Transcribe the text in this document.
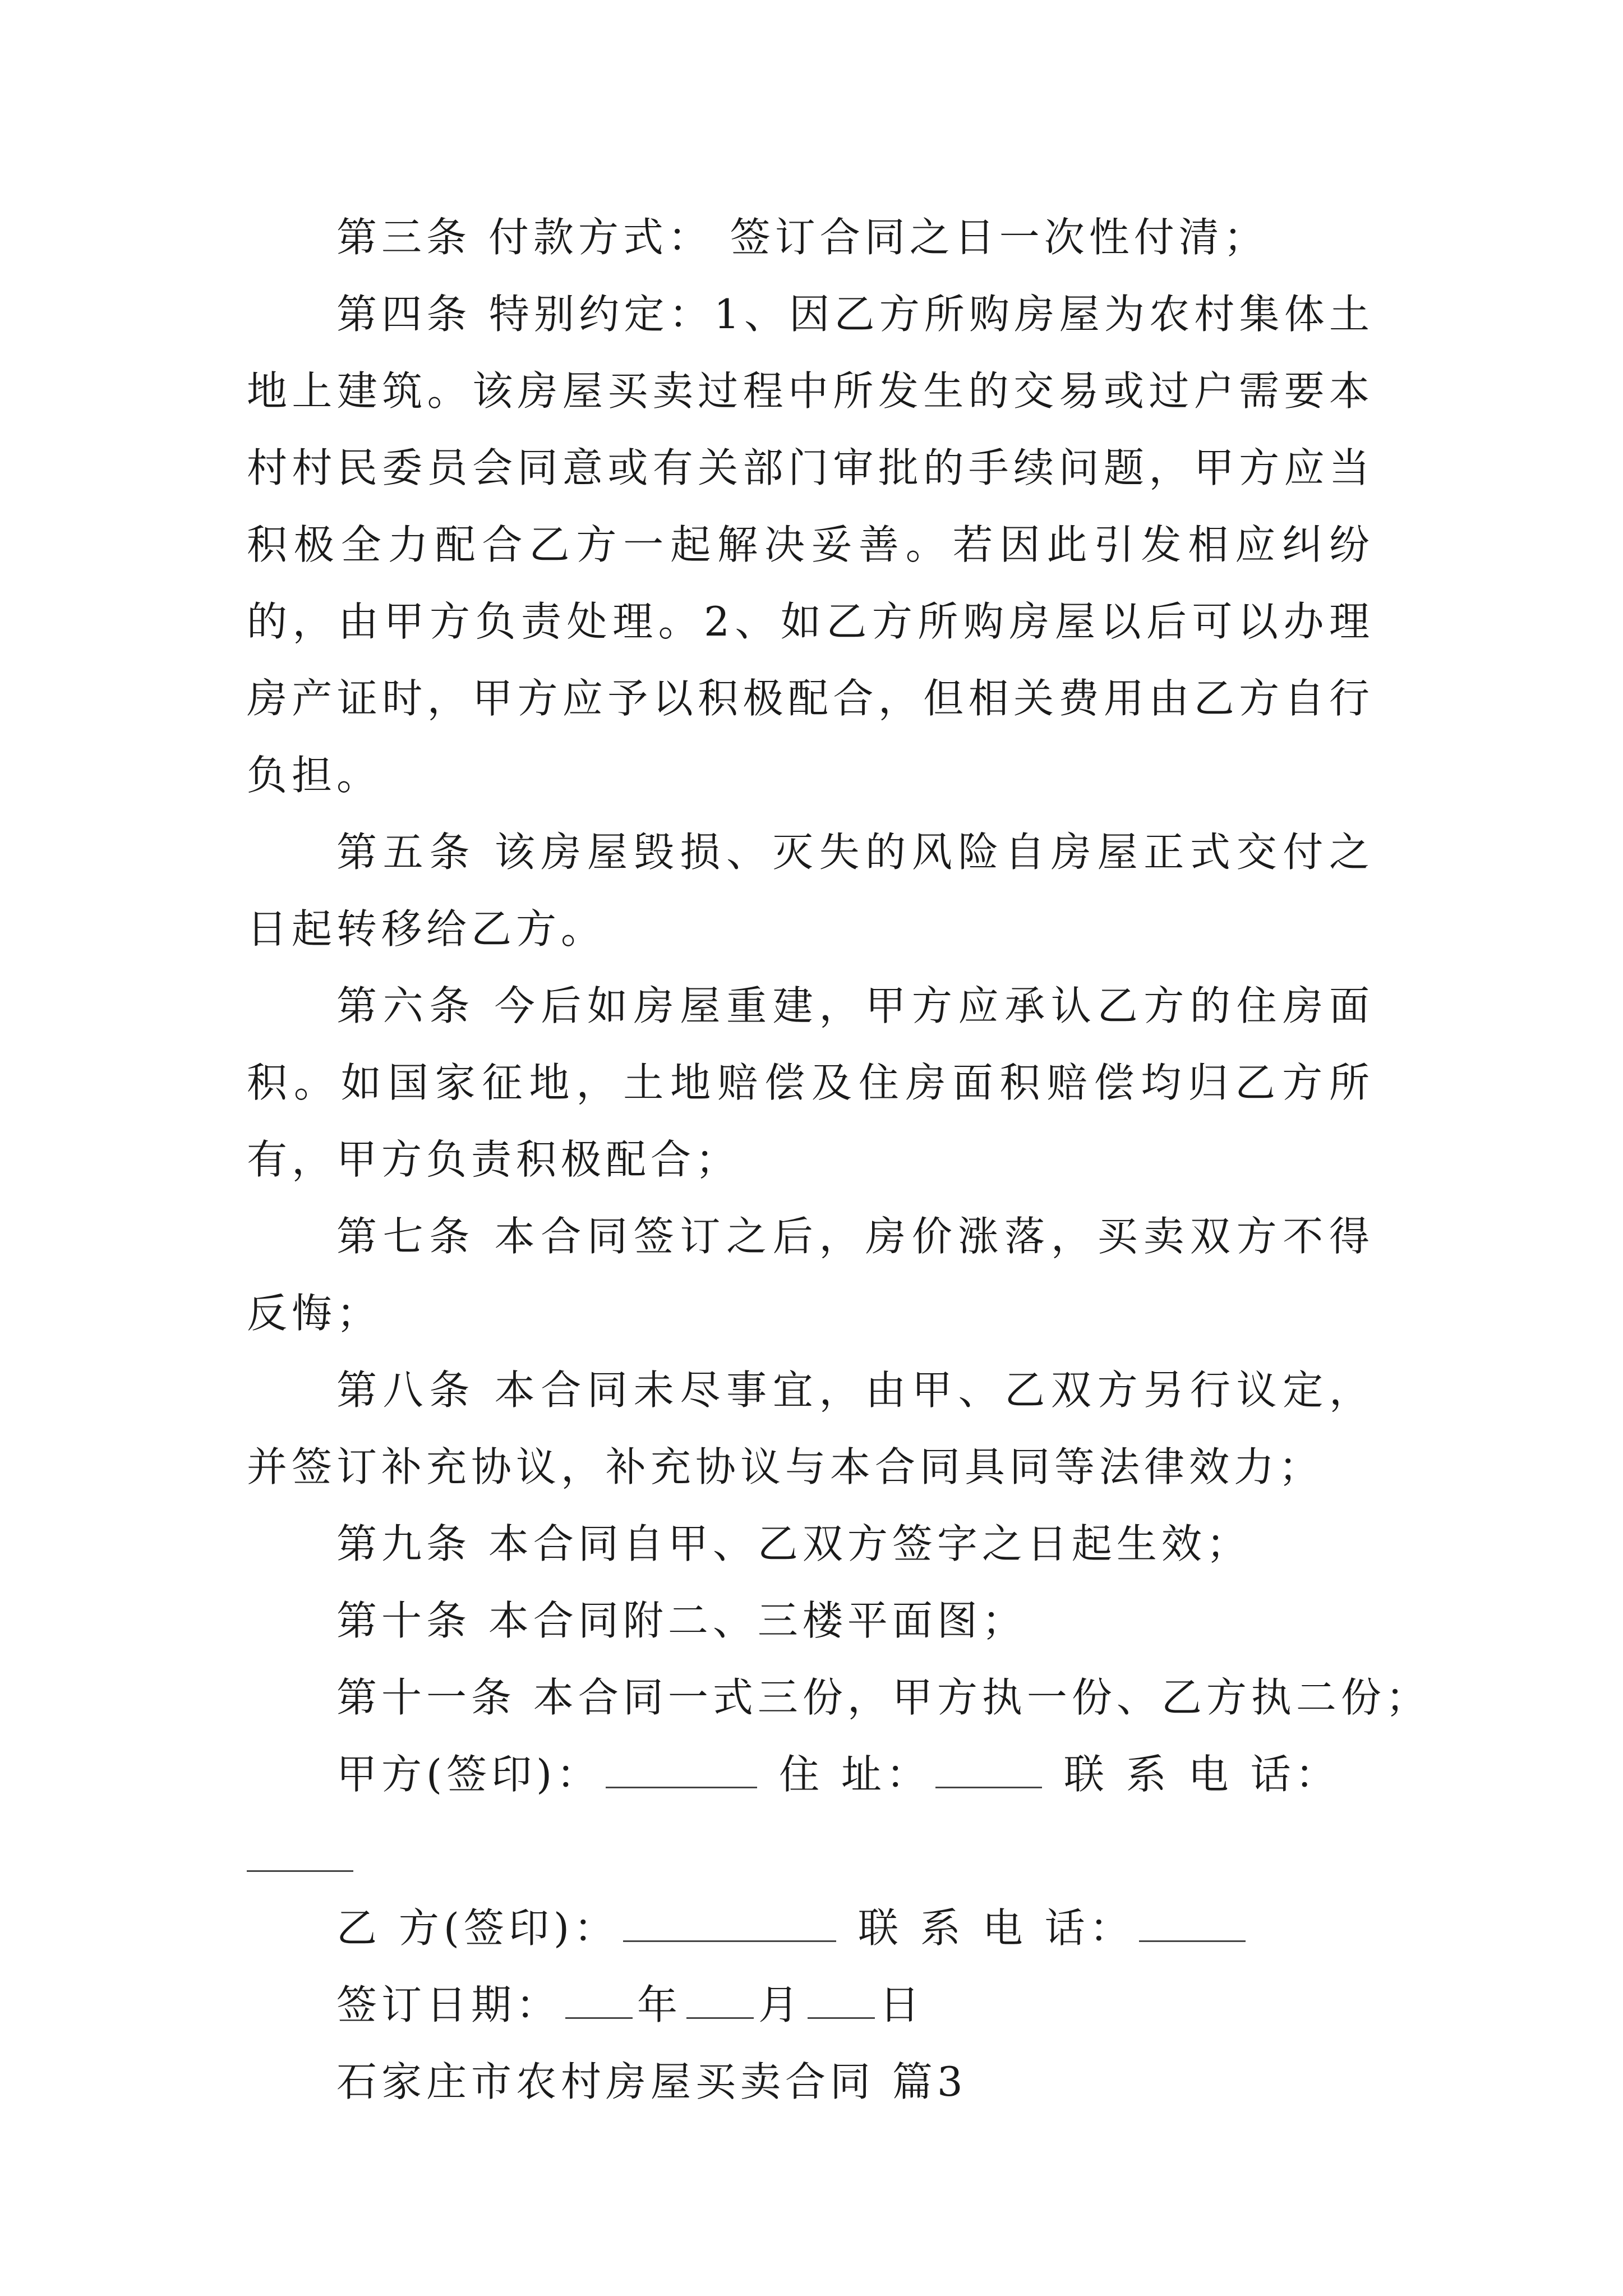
第三条 付款方式： 签订合同之日一次性付清；

第四条 特别约定：1、因乙方所购房屋为农村集体土地上建筑。该房屋买卖过程中所发生的交易或过户需要本村村民委员会同意或有关部门审批的手续问题，甲方应当积极全力配合乙方一起解决妥善。若因此引发相应纠纷的，由甲方负责处理。2、如乙方所购房屋以后可以办理房产证时，甲方应予以积极配合，但相关费用由乙方自行负担。

第五条 该房屋毁损、灭失的风险自房屋正式交付之日起转移给乙方。

第六条 今后如房屋重建，甲方应承认乙方的住房面积。如国家征地，土地赔偿及住房面积赔偿均归乙方所有，甲方负责积极配合；

第七条 本合同签订之后，房价涨落，买卖双方不得反悔；

第八条 本合同未尽事宜，由甲、乙双方另行议定，并签订补充协议，补充协议与本合同具同等法律效力；

第九条 本合同自甲、乙双方签字之日起生效；

第十条 本合同附二、三楼平面图；

第十一条 本合同一式三份，甲方执一份、乙方执二份；

甲方(签印)：	住 址：	联 系 电 话：

乙 方(签印)：	联 系 电 话：

签订日期： 年 月 日

石家庄市农村房屋买卖合同 篇3
